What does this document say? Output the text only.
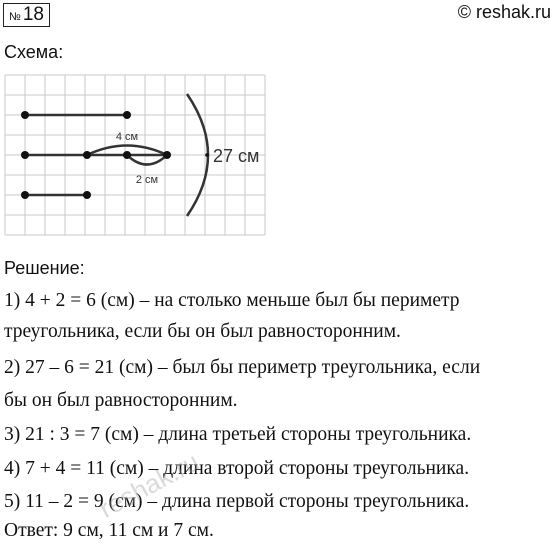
№ 18	© reshak.ru
Схема:
4 см
2 см
27 см
Решение:
1) 4 + 2 = 6 (см) – на столько меньше был бы периметр
треугольника, если бы он был равносторонним.
2) 27 – 6 = 21 (см) – был бы периметр треугольника, если
бы он был равносторонним.
3) 21 : 3 = 7 (см) – длина третьей стороны треугольника.
4) 7 + 4 = 11 (см) – длина второй стороны треугольника.
5) 11 – 2 = 9 (см) – длина первой стороны треугольника.
Ответ: 9 см, 11 см и 7 см.
reshak.ru
